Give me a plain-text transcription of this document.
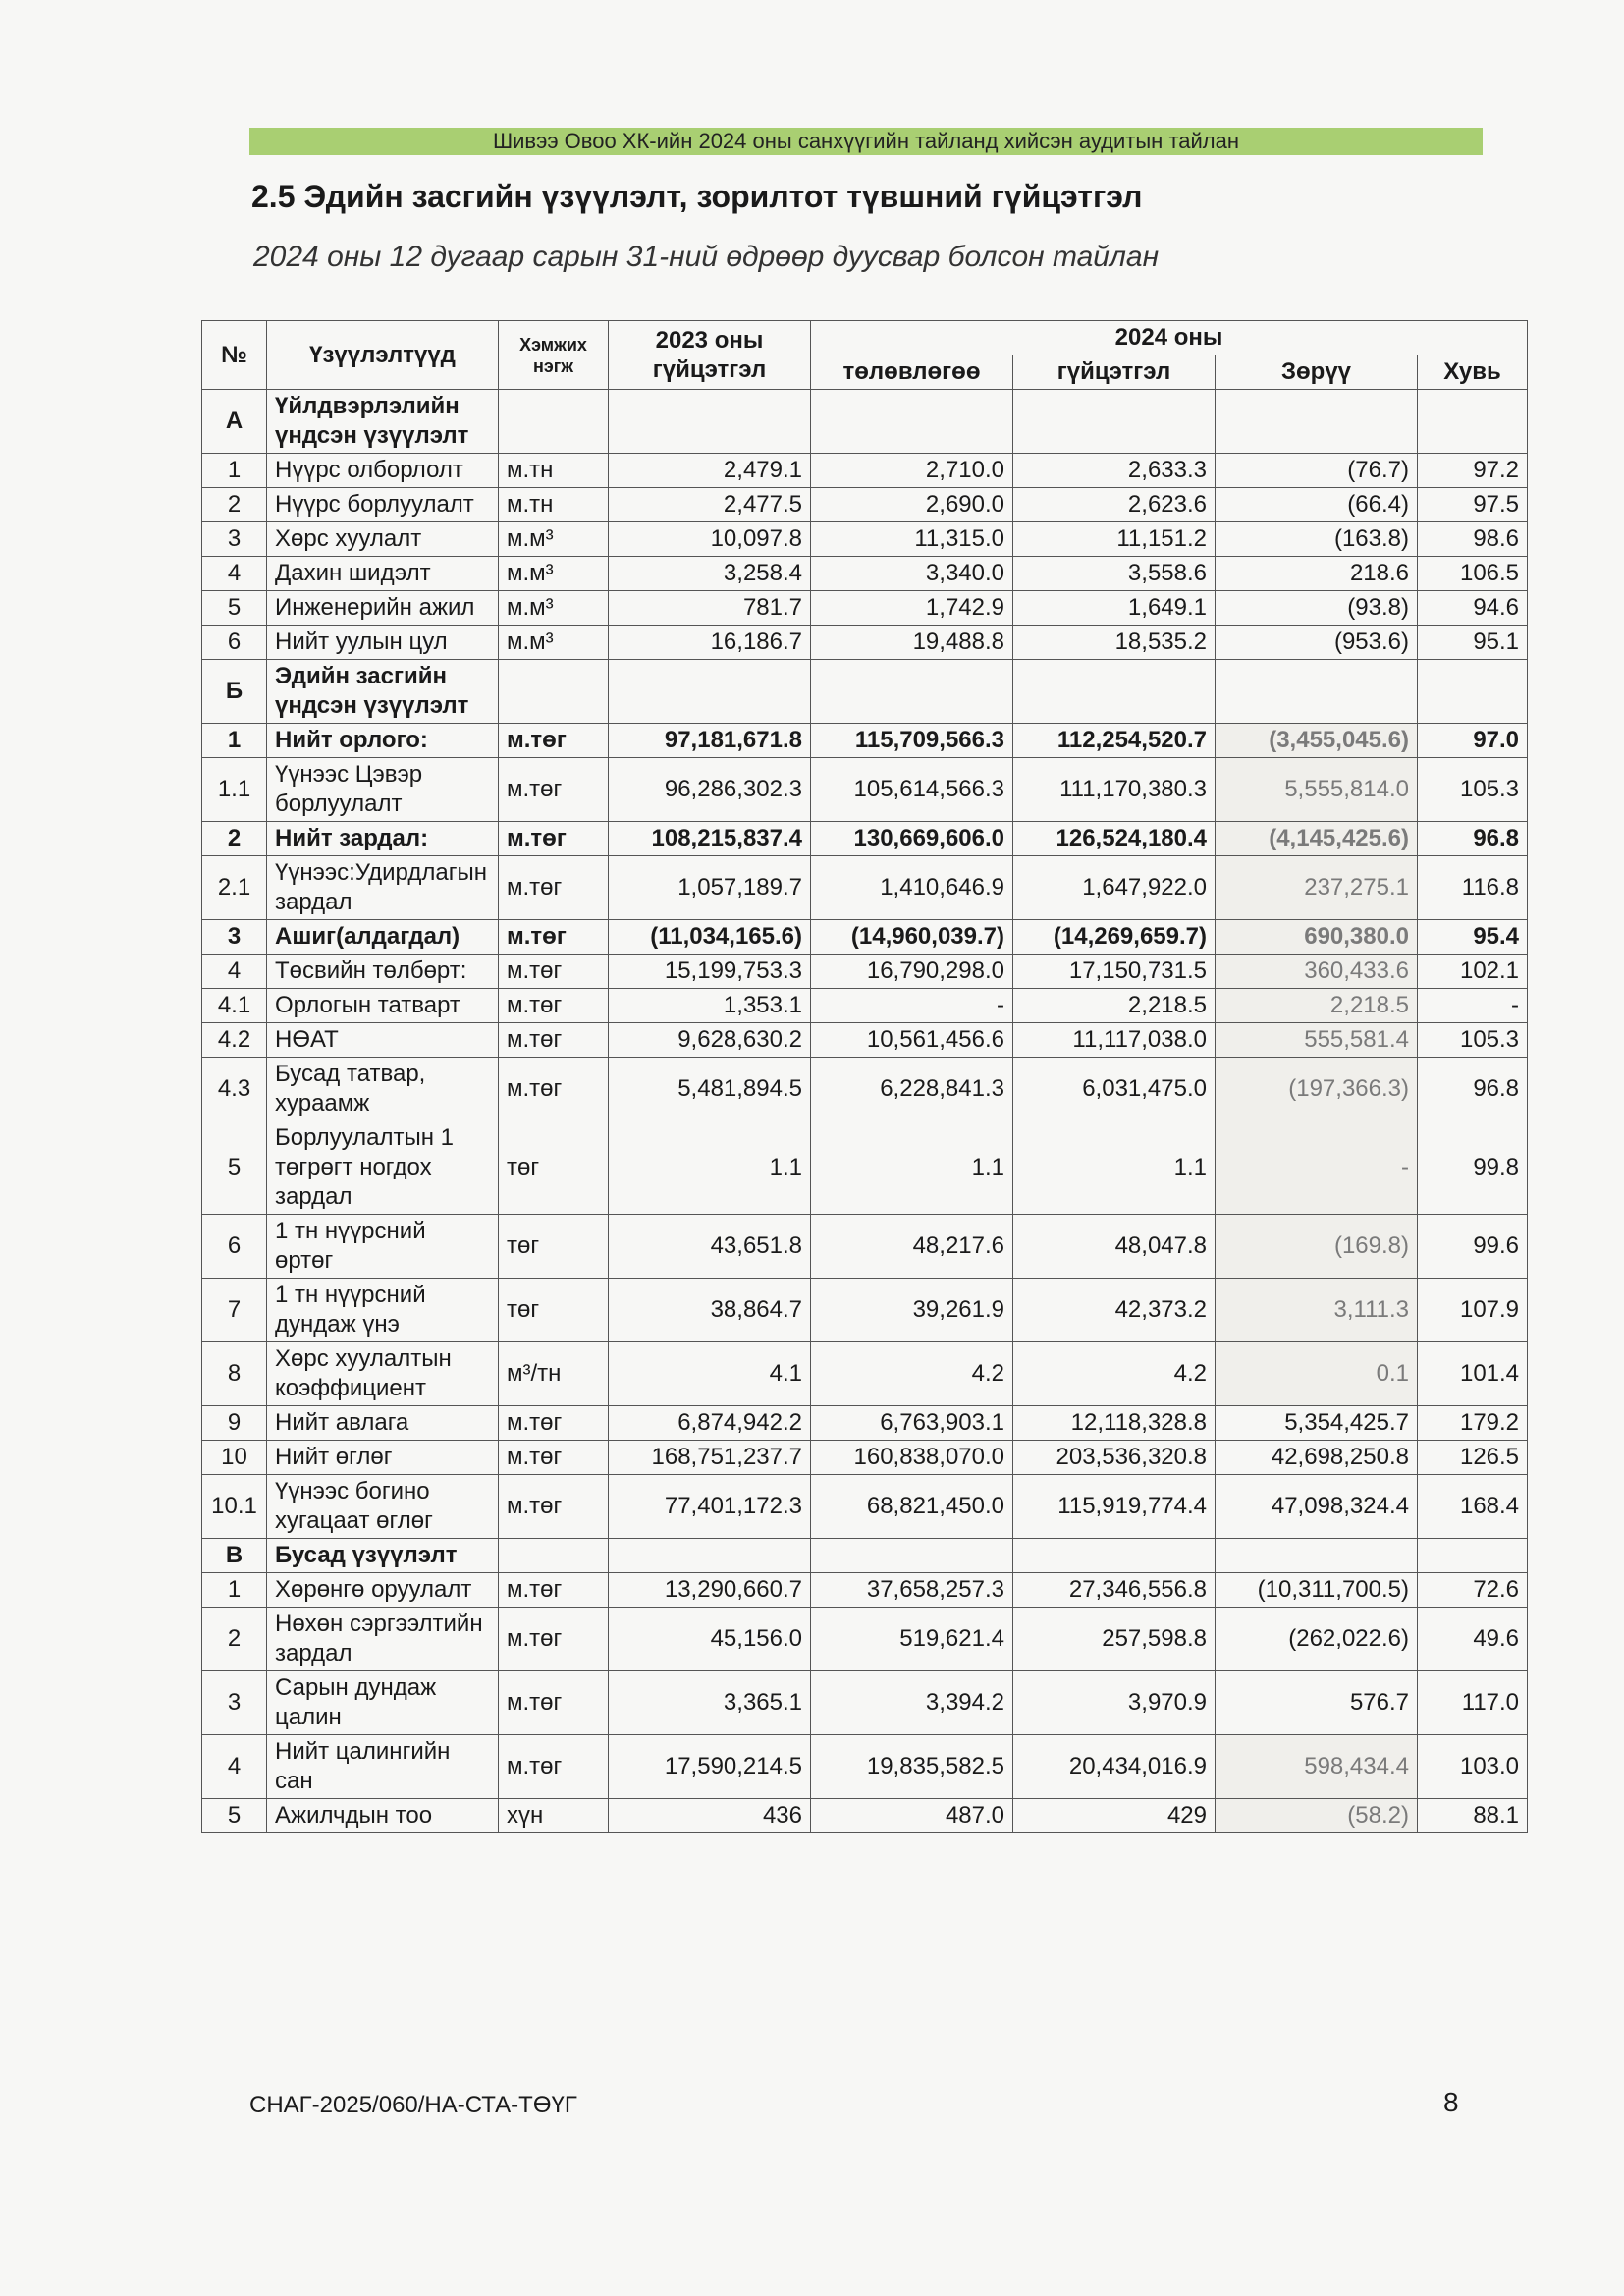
Шивээ Овоо ХК-ийн 2024 оны санхүүгийн тайланд хийсэн аудитын тайлан
2.5 Эдийн засгийн үзүүлэлт, зорилтот түвшний гүйцэтгэл
2024 оны 12 дугаар сарын 31-ний өдрөөр дуусвар болсон тайлан
№	Үзүүлэлтүүд	Хэмжих нэгж	2023 оны гүйцэтгэл	2024 оны			
				төлөвлөгөө	гүйцэтгэл	Зөрүү	Хувь
А	Үйлдвэрлэлийн үндсэн үзүүлэлт						
1	Нүүрс олборлолт	м.тн	2,479.1	2,710.0	2,633.3	(76.7)	97.2
2	Нүүрс борлуулалт	м.тн	2,477.5	2,690.0	2,623.6	(66.4)	97.5
3	Хөрс хуулалт	м.м³	10,097.8	11,315.0	11,151.2	(163.8)	98.6
4	Дахин шидэлт	м.м³	3,258.4	3,340.0	3,558.6	218.6	106.5
5	Инженерийн ажил	м.м³	781.7	1,742.9	1,649.1	(93.8)	94.6
6	Нийт уулын цул	м.м³	16,186.7	19,488.8	18,535.2	(953.6)	95.1
Б	Эдийн засгийн үндсэн үзүүлэлт						
1	Нийт орлого:	м.төг	97,181,671.8	115,709,566.3	112,254,520.7	(3,455,045.6)	97.0
1.1	Үүнээс Цэвэр борлуулалт	м.төг	96,286,302.3	105,614,566.3	111,170,380.3	5,555,814.0	105.3
2	Нийт зардал:	м.төг	108,215,837.4	130,669,606.0	126,524,180.4	(4,145,425.6)	96.8
2.1	Үүнээс:Удирдлагын зардал	м.төг	1,057,189.7	1,410,646.9	1,647,922.0	237,275.1	116.8
3	Ашиг(алдагдал)	м.төг	(11,034,165.6)	(14,960,039.7)	(14,269,659.7)	690,380.0	95.4
4	Төсвийн төлбөрт:	м.төг	15,199,753.3	16,790,298.0	17,150,731.5	360,433.6	102.1
4.1	Орлогын татварт	м.төг	1,353.1	-	2,218.5	2,218.5	-
4.2	НӨАТ	м.төг	9,628,630.2	10,561,456.6	11,117,038.0	555,581.4	105.3
4.3	Бусад татвар, хураамж	м.төг	5,481,894.5	6,228,841.3	6,031,475.0	(197,366.3)	96.8
5	Борлуулалтын 1 төгрөгт ногдох зардал	төг	1.1	1.1	1.1	-	99.8
6	1 тн нүүрсний өртөг	төг	43,651.8	48,217.6	48,047.8	(169.8)	99.6
7	1 тн нүүрсний дундаж үнэ	төг	38,864.7	39,261.9	42,373.2	3,111.3	107.9
8	Хөрс хуулалтын коэффициент	м³/тн	4.1	4.2	4.2	0.1	101.4
9	Нийт авлага	м.төг	6,874,942.2	6,763,903.1	12,118,328.8	5,354,425.7	179.2
10	Нийт өглөг	м.төг	168,751,237.7	160,838,070.0	203,536,320.8	42,698,250.8	126.5
10.1	Үүнээс богино хугацаат өглөг	м.төг	77,401,172.3	68,821,450.0	115,919,774.4	47,098,324.4	168.4
В	Бусад үзүүлэлт						
1	Хөрөнгө оруулалт	м.төг	13,290,660.7	37,658,257.3	27,346,556.8	(10,311,700.5)	72.6
2	Нөхөн сэргээлтийн зардал	м.төг	45,156.0	519,621.4	257,598.8	(262,022.6)	49.6
3	Сарын дундаж цалин	м.төг	3,365.1	3,394.2	3,970.9	576.7	117.0
4	Нийт цалингийн сан	м.төг	17,590,214.5	19,835,582.5	20,434,016.9	598,434.4	103.0
5	Ажилчдын тоо	хүн	436	487.0	429	(58.2)	88.1
СНАГ-2025/060/НА-СТА-ТӨҮГ	8
